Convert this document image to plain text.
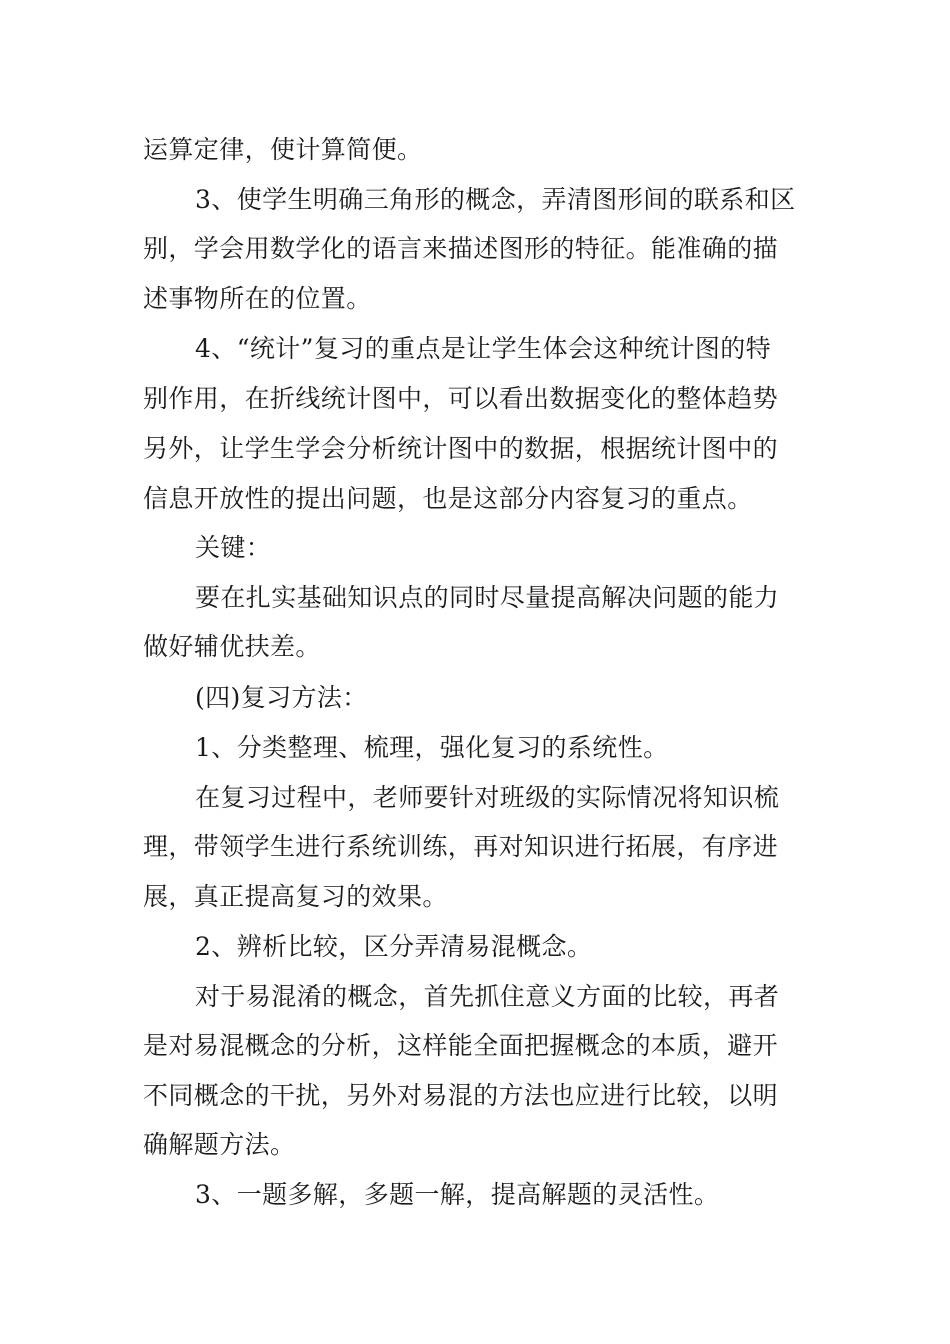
运算定律，使计算简便。
3、使学生明确三角形的概念，弄清图形间的联系和区
别，学会用数学化的语言来描述图形的特征。能准确的描
述事物所在的位置。
4、“统计”复习的重点是让学生体会这种统计图的特
别作用，在折线统计图中，可以看出数据变化的整体趋势
另外，让学生学会分析统计图中的数据，根据统计图中的
信息开放性的提出问题，也是这部分内容复习的重点。
关键：
要在扎实基础知识点的同时尽量提高解决问题的能力
做好辅优扶差。
(四)复习方法：
1、分类整理、梳理，强化复习的系统性。
在复习过程中，老师要针对班级的实际情况将知识梳
理，带领学生进行系统训练，再对知识进行拓展，有序进
展，真正提高复习的效果。
2、辨析比较，区分弄清易混概念。
对于易混淆的概念，首先抓住意义方面的比较，再者
是对易混概念的分析，这样能全面把握概念的本质，避开
不同概念的干扰，另外对易混的方法也应进行比较，以明
确解题方法。
3、一题多解，多题一解，提高解题的灵活性。
